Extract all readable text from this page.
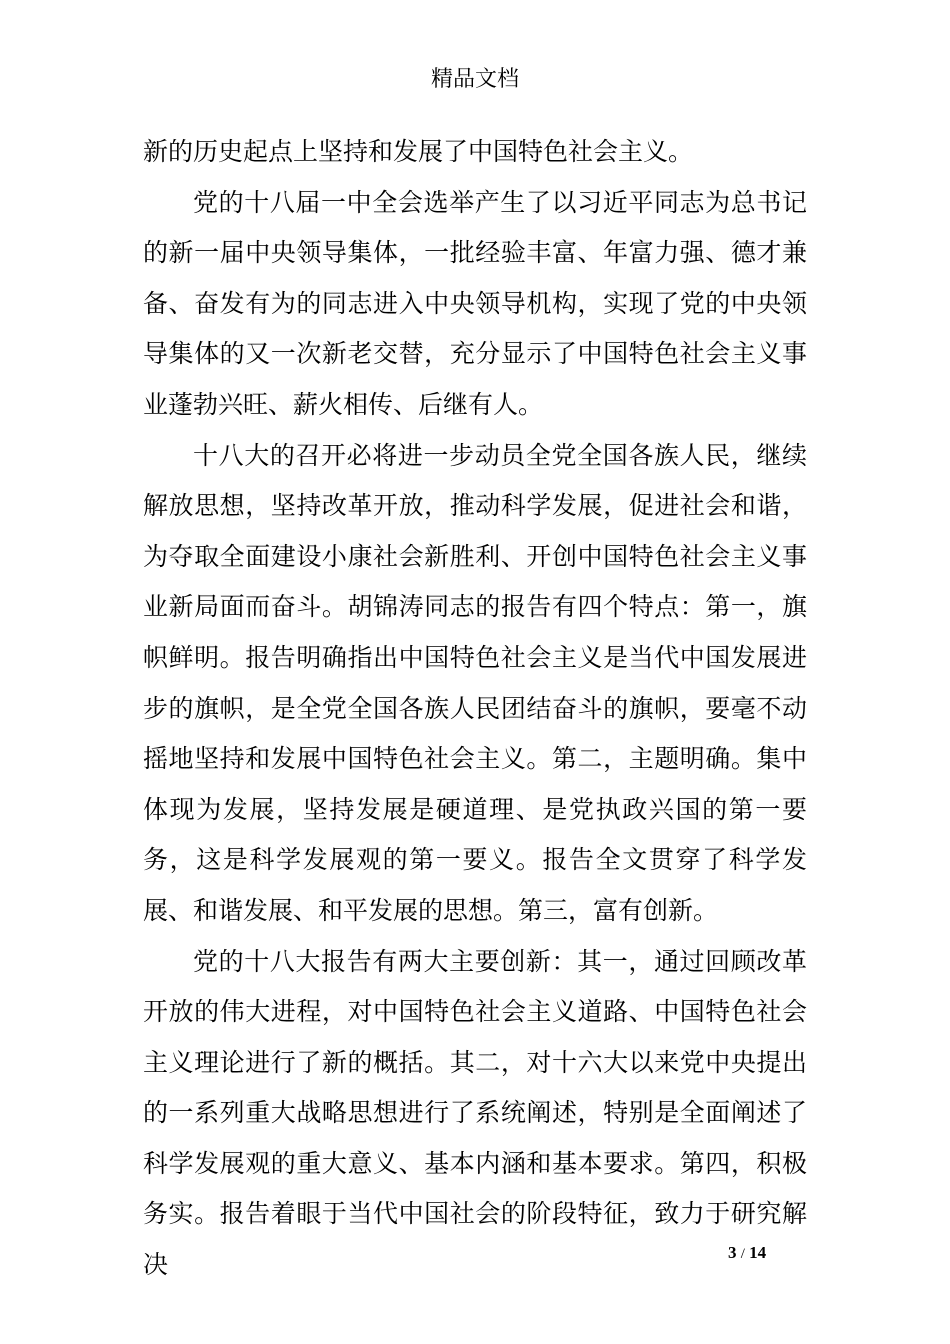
精品文档

新的历史起点上坚持和发展了中国特色社会主义。

党的十八届一中全会选举产生了以习近平同志为总书记的新一届中央领导集体，一批经验丰富、年富力强、德才兼备、奋发有为的同志进入中央领导机构，实现了党的中央领导集体的又一次新老交替，充分显示了中国特色社会主义事业蓬勃兴旺、薪火相传、后继有人。

十八大的召开必将进一步动员全党全国各族人民，继续解放思想，坚持改革开放，推动科学发展，促进社会和谐，为夺取全面建设小康社会新胜利、开创中国特色社会主义事业新局面而奋斗。胡锦涛同志的报告有四个特点：第一，旗帜鲜明。报告明确指出中国特色社会主义是当代中国发展进步的旗帜，是全党全国各族人民团结奋斗的旗帜，要毫不动摇地坚持和发展中国特色社会主义。第二，主题明确。集中体现为发展，坚持发展是硬道理、是党执政兴国的第一要务，这是科学发展观的第一要义。报告全文贯穿了科学发展、和谐发展、和平发展的思想。第三，富有创新。

党的十八大报告有两大主要创新：其一，通过回顾改革开放的伟大进程，对中国特色社会主义道路、中国特色社会主义理论进行了新的概括。其二，对十六大以来党中央提出的一系列重大战略思想进行了系统阐述，特别是全面阐述了科学发展观的重大意义、基本内涵和基本要求。第四，积极务实。报告着眼于当代中国社会的阶段特征，致力于研究解决	3 / 14
